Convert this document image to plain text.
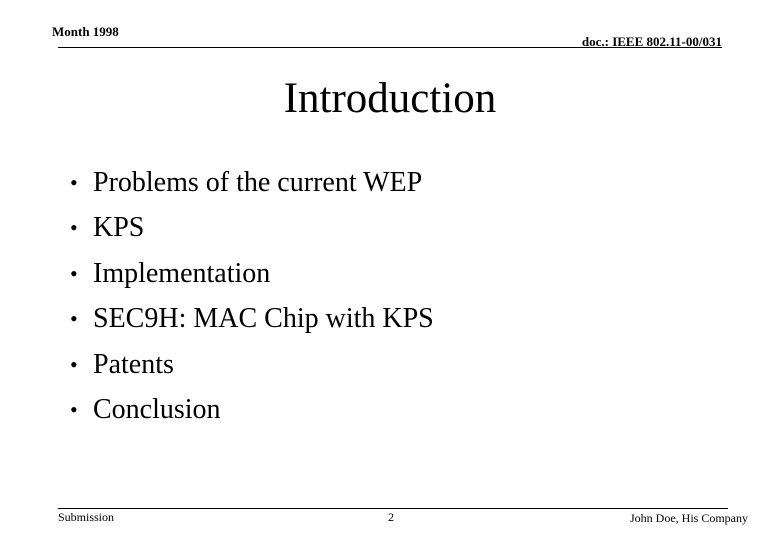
Month 1998
doc.: IEEE 802.11-00/031
Introduction
• Problems of the current WEP
• KPS
• Implementation
• SEC9H: MAC Chip with KPS
• Patents
• Conclusion
Submission	2	John Doe, His Company
